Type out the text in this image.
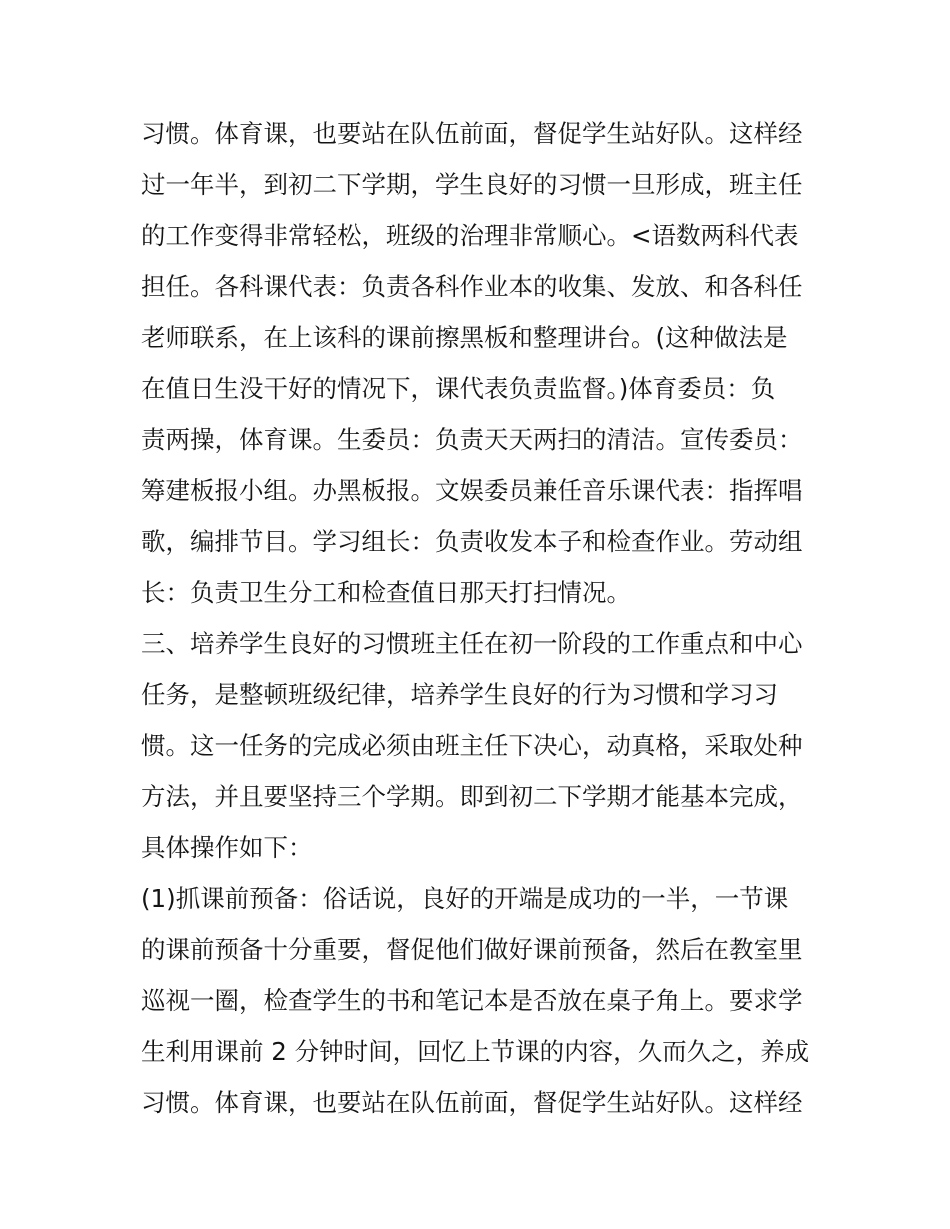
习惯。体育课，也要站在队伍前面，督促学生站好队。这样经
过一年半，到初二下学期，学生良好的习惯一旦形成，班主任
的工作变得非常轻松，班级的治理非常顺心。<语数两科代表
担任。各科课代表：负责各科作业本的收集、发放、和各科任
老师联系，在上该科的课前擦黑板和整理讲台。(这种做法是
在值日生没干好的情况下，课代表负责监督。)体育委员：负
责两操，体育课。生委员：负责天天两扫的清洁。宣传委员：
筹建板报小组。办黑板报。文娱委员兼任音乐课代表：指挥唱
歌，编排节目。学习组长：负责收发本子和检查作业。劳动组
长：负责卫生分工和检查值日那天打扫情况。
三、培养学生良好的习惯班主任在初一阶段的工作重点和中心
任务，是整顿班级纪律，培养学生良好的行为习惯和学习习
惯。这一任务的完成必须由班主任下决心，动真格，采取处种
方法，并且要坚持三个学期。即到初二下学期才能基本完成，
具体操作如下：
(1)抓课前预备：俗话说，良好的开端是成功的一半，一节课
的课前预备十分重要，督促他们做好课前预备，然后在教室里
巡视一圈，检查学生的书和笔记本是否放在桌子角上。要求学
生利用课前 2 分钟时间，回忆上节课的内容，久而久之，养成
习惯。体育课，也要站在队伍前面，督促学生站好队。这样经
